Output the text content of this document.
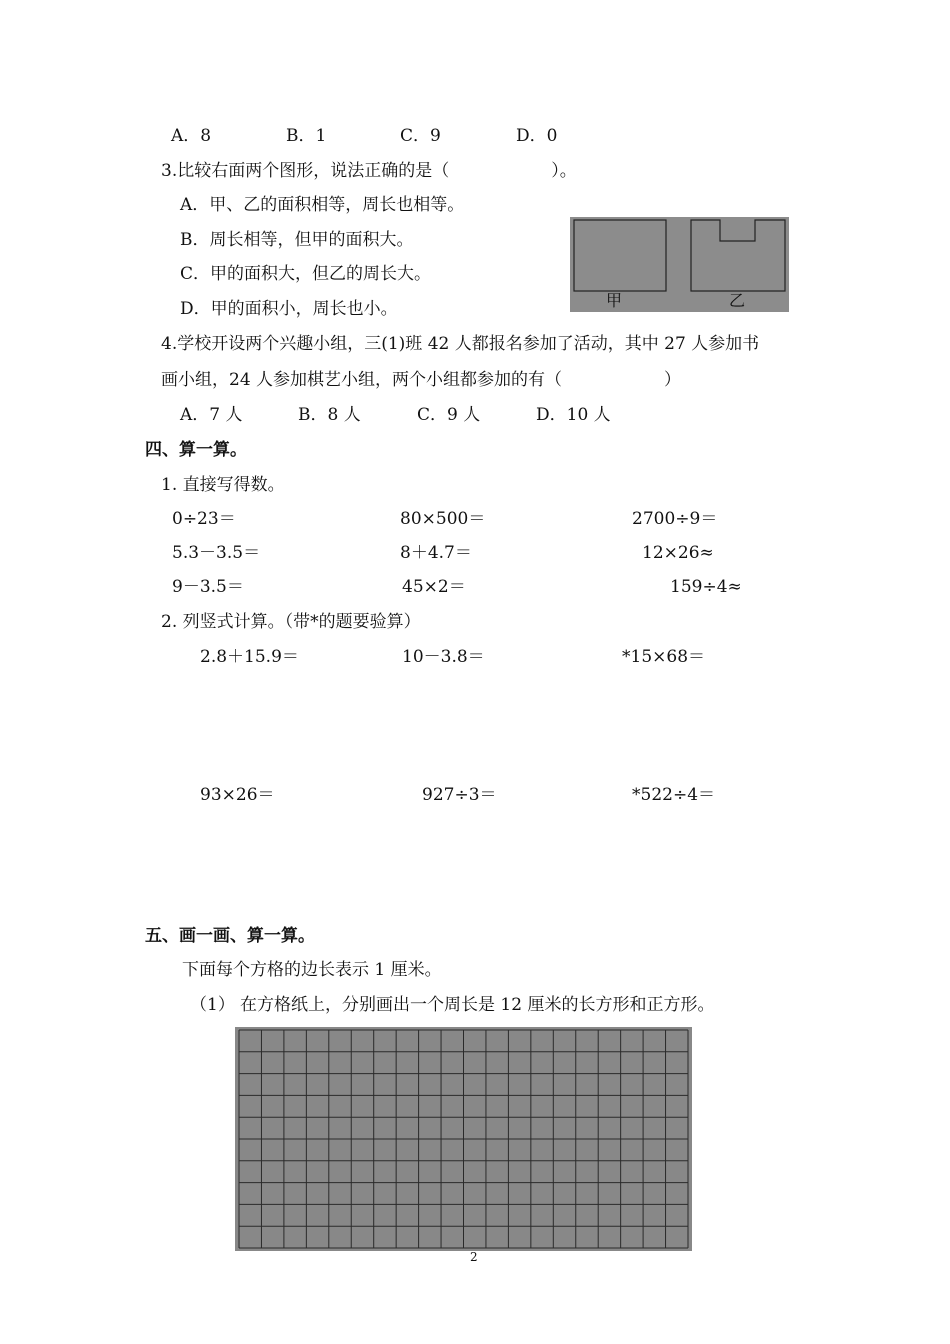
A．8	B．1	C．9	D．0
3.比较右面两个图形，说法正确的是（　　　　　　）。
A．甲、乙的面积相等，周长也相等。
B．周长相等，但甲的面积大。
C．甲的面积大，但乙的周长大。
D．甲的面积小，周长也小。	甲	乙
4.学校开设两个兴趣小组，三(1)班 42 人都报名参加了活动，其中 27 人参加书
画小组，24 人参加棋艺小组，两个小组都参加的有（　　　　　　）
A．7 人	B．8 人	C．9 人	D．10 人
四、算一算。
1. 直接写得数。
0÷23＝	80×500＝	2700÷9＝
5.3－3.5＝	8＋4.7＝	12×26≈
9－3.5＝	45×2＝	159÷4≈
2. 列竖式计算。（带*的题要验算）
2.8＋15.9＝	10－3.8＝	*15×68＝
93×26＝	927÷3＝	*522÷4＝
五、画一画、算一算。
下面每个方格的边长表示 1 厘米。
（1） 在方格纸上，分别画出一个周长是 12 厘米的长方形和正方形。
2
